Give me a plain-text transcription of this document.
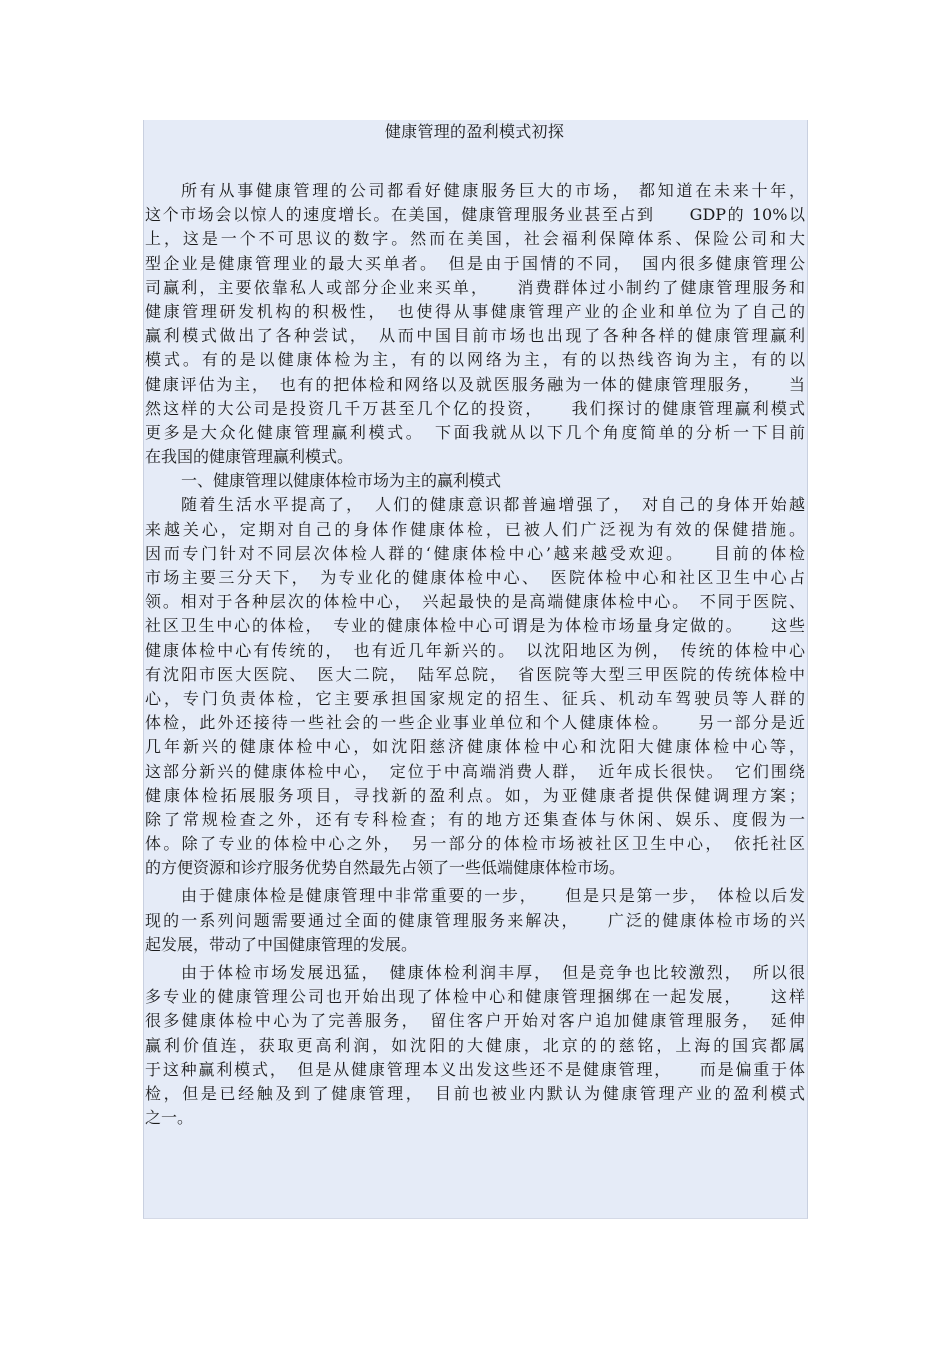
健康管理的盈利模式初探
所有从事健康管理的公司都看好健康服务巨大的市场， 都知道在未来十年，
这个市场会以惊人的速度增长。在美国，健康管理服务业甚至占到　　GDP的 10%以
上，这是一个不可思议的数字。然而在美国，社会福利保障体系、保险公司和大
型企业是健康管理业的最大买单者。　但是由于国情的不同，　国内很多健康管理公
司赢利，主要依靠私人或部分企业来买单，　　消费群体过小制约了健康管理服务和
健康管理研发机构的积极性，　也使得从事健康管理产业的企业和单位为了自己的
赢利模式做出了各种尝试，　从而中国目前市场也出现了各种各样的健康管理赢利
模式。有的是以健康体检为主，有的以网络为主，有的以热线咨询为主，有的以
健康评估为主，　也有的把体检和网络以及就医服务融为一体的健康管理服务，　　当
然这样的大公司是投资几千万甚至几个亿的投资，　　我们探讨的健康管理赢利模式
更多是大众化健康管理赢利模式。　下面我就从以下几个角度简单的分析一下目前
在我国的健康管理赢利模式。
一、健康管理以健康体检市场为主的赢利模式
随着生活水平提高了，　人们的健康意识都普遍增强了，　对自己的身体开始越
来越关心，定期对自己的身体作健康体检，已被人们广泛视为有效的保健措施。
因而专门针对不同层次体检人群的‘健康体检中心’越来越受欢迎。　　目前的体检
市场主要三分天下，　为专业化的健康体检中心、　医院体检中心和社区卫生中心占
领。相对于各种层次的体检中心，　兴起最快的是高端健康体检中心。　不同于医院、
社区卫生中心的体检，　专业的健康体检中心可谓是为体检市场量身定做的。　　这些
健康体检中心有传统的，　也有近几年新兴的。　以沈阳地区为例，　传统的体检中心
有沈阳市医大医院、　医大二院，　陆军总院，　省医院等大型三甲医院的传统体检中
心，专门负责体检，它主要承担国家规定的招生、征兵、机动车驾驶员等人群的
体检，此外还接待一些社会的一些企业事业单位和个人健康体检。　　另一部分是近
几年新兴的健康体检中心，如沈阳慈济健康体检中心和沈阳大健康体检中心等，
这部分新兴的健康体检中心，　定位于中高端消费人群，　近年成长很快。　它们围绕
健康体检拓展服务项目，寻找新的盈利点。如，为亚健康者提供保健调理方案；
除了常规检查之外，还有专科检查；有的地方还集查体与休闲、娱乐、度假为一
体。除了专业的体检中心之外，　另一部分的体检市场被社区卫生中心，　依托社区
的方便资源和诊疗服务优势自然最先占领了一些低端健康体检市场。
由于健康体检是健康管理中非常重要的一步，　　但是只是第一步，　体检以后发
现的一系列问题需要通过全面的健康管理服务来解决，　　广泛的健康体检市场的兴
起发展，带动了中国健康管理的发展。
由于体检市场发展迅猛，　健康体检利润丰厚，　但是竞争也比较激烈，　所以很
多专业的健康管理公司也开始出现了体检中心和健康管理捆绑在一起发展，　　这样
很多健康体检中心为了完善服务，　留住客户开始对客户追加健康管理服务，　延伸
赢利价值连，获取更高利润，如沈阳的大健康，北京的的慈铭，上海的国宾都属
于这种赢利模式，　但是从健康管理本义出发这些还不是健康管理，　　而是偏重于体
检，但是已经触及到了健康管理，　目前也被业内默认为健康管理产业的盈利模式
之一。
